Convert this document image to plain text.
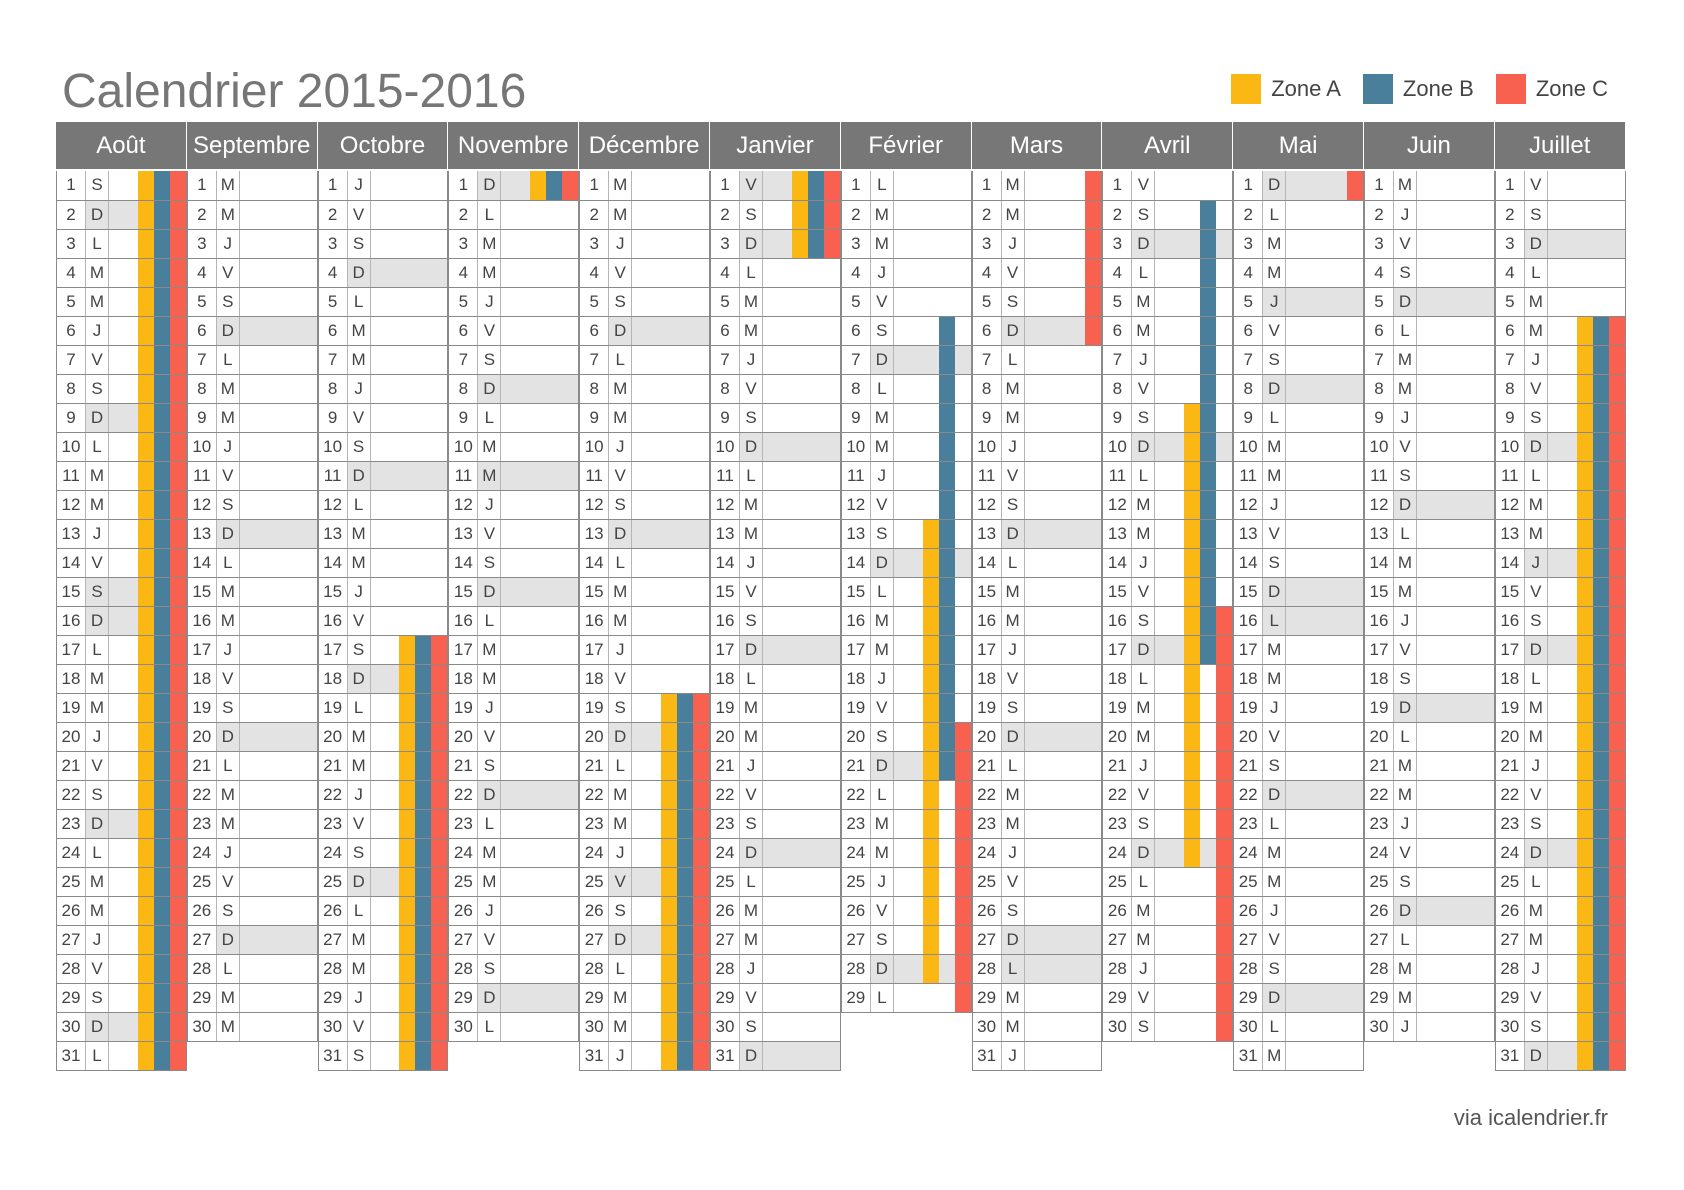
Calendrier 2015-2016	Zone A	Zone B	Zone C
Août
1 S
2 D
3 L
4 M
5 M
6	J
7 V
8 S
9 D
10 L
11 M
12 M
13 J
14 V
15 S
16 D
17 L
18 M
19 M
20 J
21 V
22 S
23 D
24 L
25 M
26 M
27 J
28 V
29 S
30 D
31 L
Septembre
1 M
2 M
3	J
4 V
5 S
6 D
7 L
8 M
9 M
10 J
11 V
12 S
13 D
14 L
15 M
16 M
17 J
18 V
19 S
20 D
21 L
22 M
23 M
24 J
25 V
26 S
27 D
28 L
29 M
30 M
Octobre
1	J
2 V
3 S
4 D
5 L
6 M
7 M
8	J
9 V
10 S
11 D
12 L
13 M
14 M
15 J
16 V
17 S
18 D
19 L
20 M
21 M
22 J
23 V
24 S
25 D
26 L
27 M
28 M
29 J
30 V
31 S
Novembre
1 D
2 L
3 M
4 M
5	J
6 V
7 S
8 D
9 L
10 M
11 M
12 J
13 V
14 S
15 D
16 L
17 M
18 M
19 J
20 V
21 S
22 D
23 L
24 M
25 M
26 J
27 V
28 S
29 D
30 L
Décembre
1 M
2 M
3	J
4 V
5 S
6 D
7 L
8 M
9 M
10 J
11 V
12 S
13 D
14 L
15 M
16 M
17 J
18 V
19 S
20 D
21 L
22 M
23 M
24 J
25 V
26 S
27 D
28 L
29 M
30 M
31 J
Janvier
1 V
2 S
3 D
4 L
5 M
6 M
7	J
8 V
9 S
10 D
11 L
12 M
13 M
14 J
15 V
16 S
17 D
18 L
19 M
20 M
21 J
22 V
23 S
24 D
25 L
26 M
27 M
28 J
29 V
30 S
31 D
Février
1 L
2 M
3 M
4	J
5 V
6 S
7 D
8 L
9 M
10 M
11 J
12 V
13 S
14 D
15 L
16 M
17 M
18 J
19 V
20 S
21 D
22 L
23 M
24 M
25 J
26 V
27 S
28 D
29 L
Mars
1 M
2 M
3	J
4 V
5 S
6 D
7 L
8 M
9 M
10 J
11 V
12 S
13 D
14 L
15 M
16 M
17 J
18 V
19 S
20 D
21 L
22 M
23 M
24 J
25 V
26 S
27 D
28 L
29 M
30 M
31 J
Avril
1 V
2 S
3 D
4 L
5 M
6 M
7	J
8 V
9 S
10 D
11 L
12 M
13 M
14 J
15 V
16 S
17 D
18 L
19 M
20 M
21 J
22 V
23 S
24 D
25 L
26 M
27 M
28 J
29 V
30 S
Mai
1 D
2 L
3 M
4 M
5	J
6 V
7 S
8 D
9 L
10 M
11 M
12 J
13 V
14 S
15 D
16 L
17 M
18 M
19 J
20 V
21 S
22 D
23 L
24 M
25 M
26 J
27 V
28 S
29 D
30 L
31 M
Juin
1 M
2	J
3 V
4 S
5 D
6 L
7 M
8 M
9	J
10 V
11 S
12 D
13 L
14 M
15 M
16 J
17 V
18 S
19 D
20 L
21 M
22 M
23 J
24 V
25 S
26 D
27 L
28 M
29 M
30 J
Juillet
1 V
2 S
3 D
4 L
5 M
6 M
7	J
8 V
9 S
10 D
11 L
12 M
13 M
14 J
15 V
16 S
17 D
18 L
19 M
20 M
21 J
22 V
23 S
24 D
25 L
26 M
27 M
28 J
29 V
30 S
31 D
via icalendrier.fr
